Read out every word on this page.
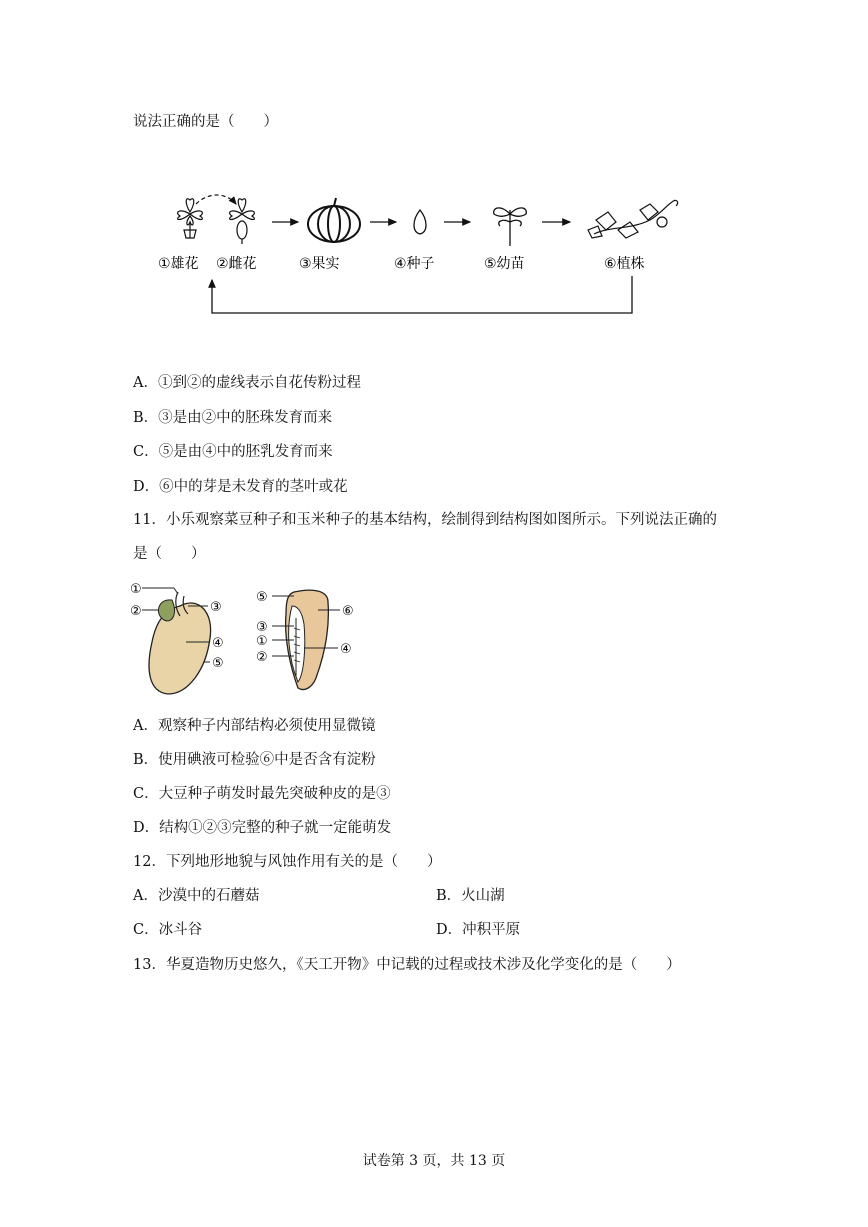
说法正确的是（　　）
①雄花 ②雌花	③果实	④种子	⑤幼苗	⑥植株
A．①到②的虚线表示自花传粉过程
B．③是由②中的胚珠发育而来
C．⑤是由④中的胚乳发育而来
D．⑥中的芽是未发育的茎叶或花
11．小乐观察菜豆种子和玉米种子的基本结构，绘制得到结构图如图所示。下列说法正确的
是（　　）
①
②	③
④
⑤
⑤
⑥
③
①
④
②
A．观察种子内部结构必须使用显微镜
B．使用碘液可检验⑥中是否含有淀粉
C．大豆种子萌发时最先突破种皮的是③
D．结构①②③完整的种子就一定能萌发
12．下列地形地貌与风蚀作用有关的是（　　）
A．沙漠中的石蘑菇	B．火山湖
C．冰斗谷	D．冲积平原
13．华夏造物历史悠久，《天工开物》中记载的过程或技术涉及化学变化的是（　　）
试卷第 3 页，共 13 页
